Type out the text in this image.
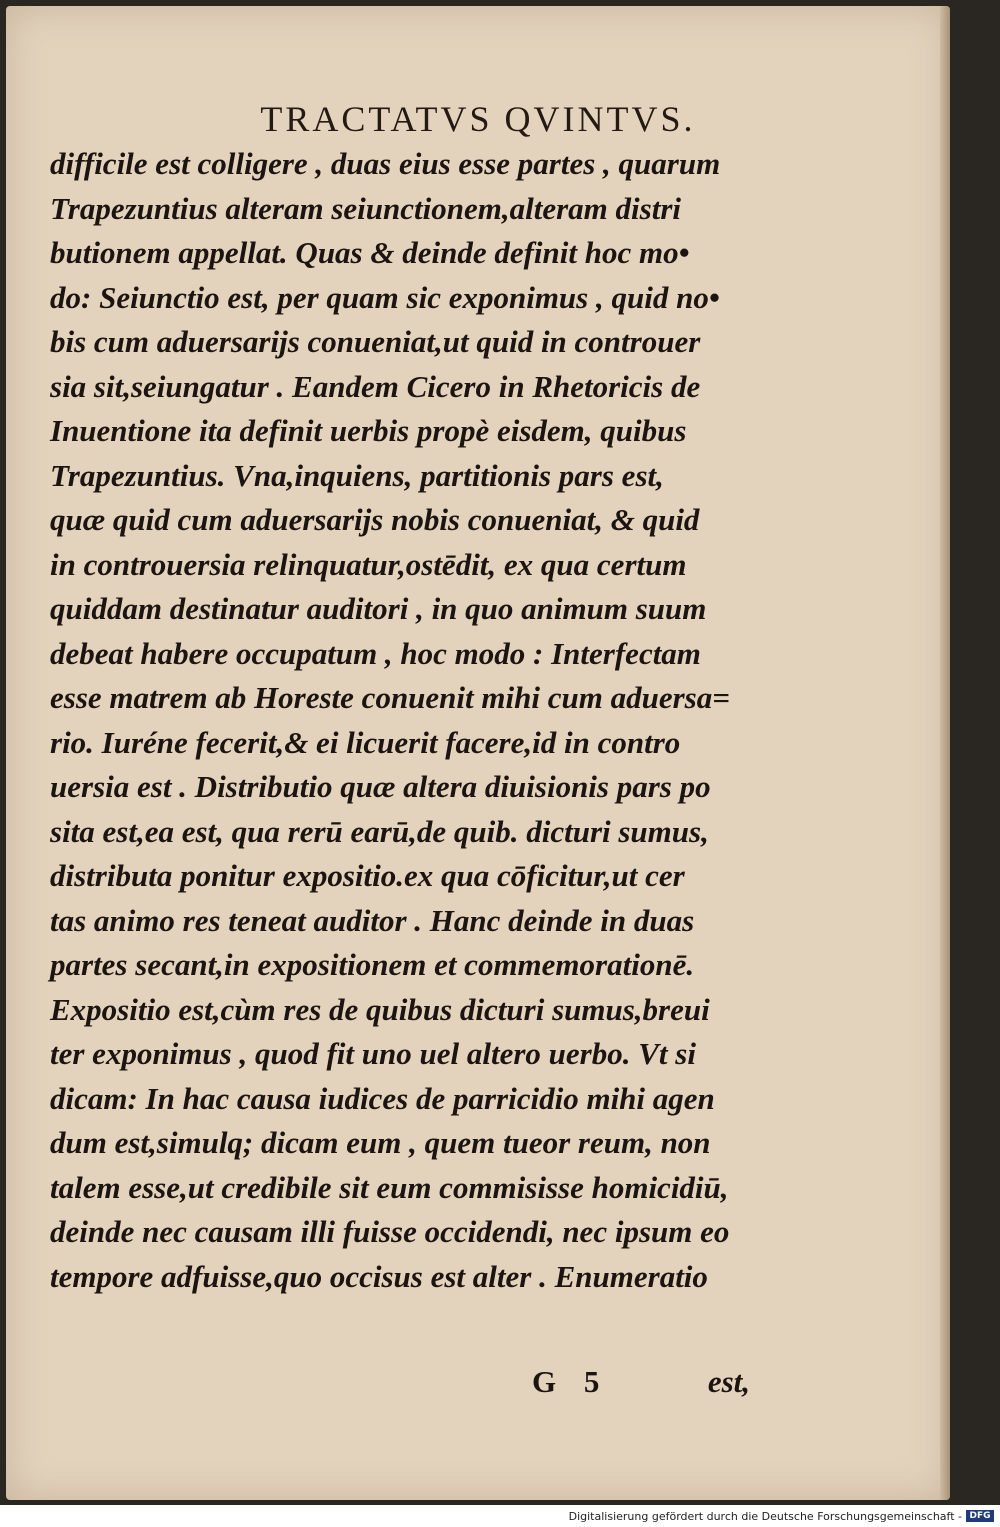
TRACTATVS QVINTVS.
difficile est colligere , duas eius esse partes , quarum
Trapezuntius alteram seiunctionem,alteram distri
butionem appellat. Quas & deinde definit hoc mo•
do: Seiunctio est, per quam sic exponimus , quid no•
bis cum aduersarijs conueniat,ut quid in controuer
sia sit,seiungatur . Eandem Cicero in Rhetoricis de
Inuentione ita definit uerbis propè eisdem, quibus
Trapezuntius. Vna,inquiens, partitionis pars est,
quæ quid cum aduersarijs nobis conueniat, & quid
in controuersia relinquatur,ostēdit, ex qua certum
quiddam destinatur auditori , in quo animum suum
debeat habere occupatum , hoc modo : Interfectam
esse matrem ab Horeste conuenit mihi cum aduersa=
rio. Iuréne fecerit,& ei licuerit facere,id in contro
uersia est . Distributio quæ altera diuisionis pars po
sita est,ea est, qua rerū earū,de quib. dicturi sumus,
distributa ponitur expositio.ex qua cōficitur,ut cer
tas animo res teneat auditor . Hanc deinde in duas
partes secant,in expositionem et commemorationē.
Expositio est,cùm res de quibus dicturi sumus,breui
ter exponimus , quod fit uno uel altero uerbo. Vt si
dicam: In hac causa iudices de parricidio mihi agen
dum est,simulq; dicam eum , quem tueor reum, non
talem esse,ut credibile sit eum commisisse homicidiū,
deinde nec causam illi fuisse occidendi, nec ipsum eo
tempore adfuisse,quo occisus est alter . Enumeratio
G 5	est,
Digitalisierung gefördert durch die Deutsche Forschungsgemeinschaft - DFG
